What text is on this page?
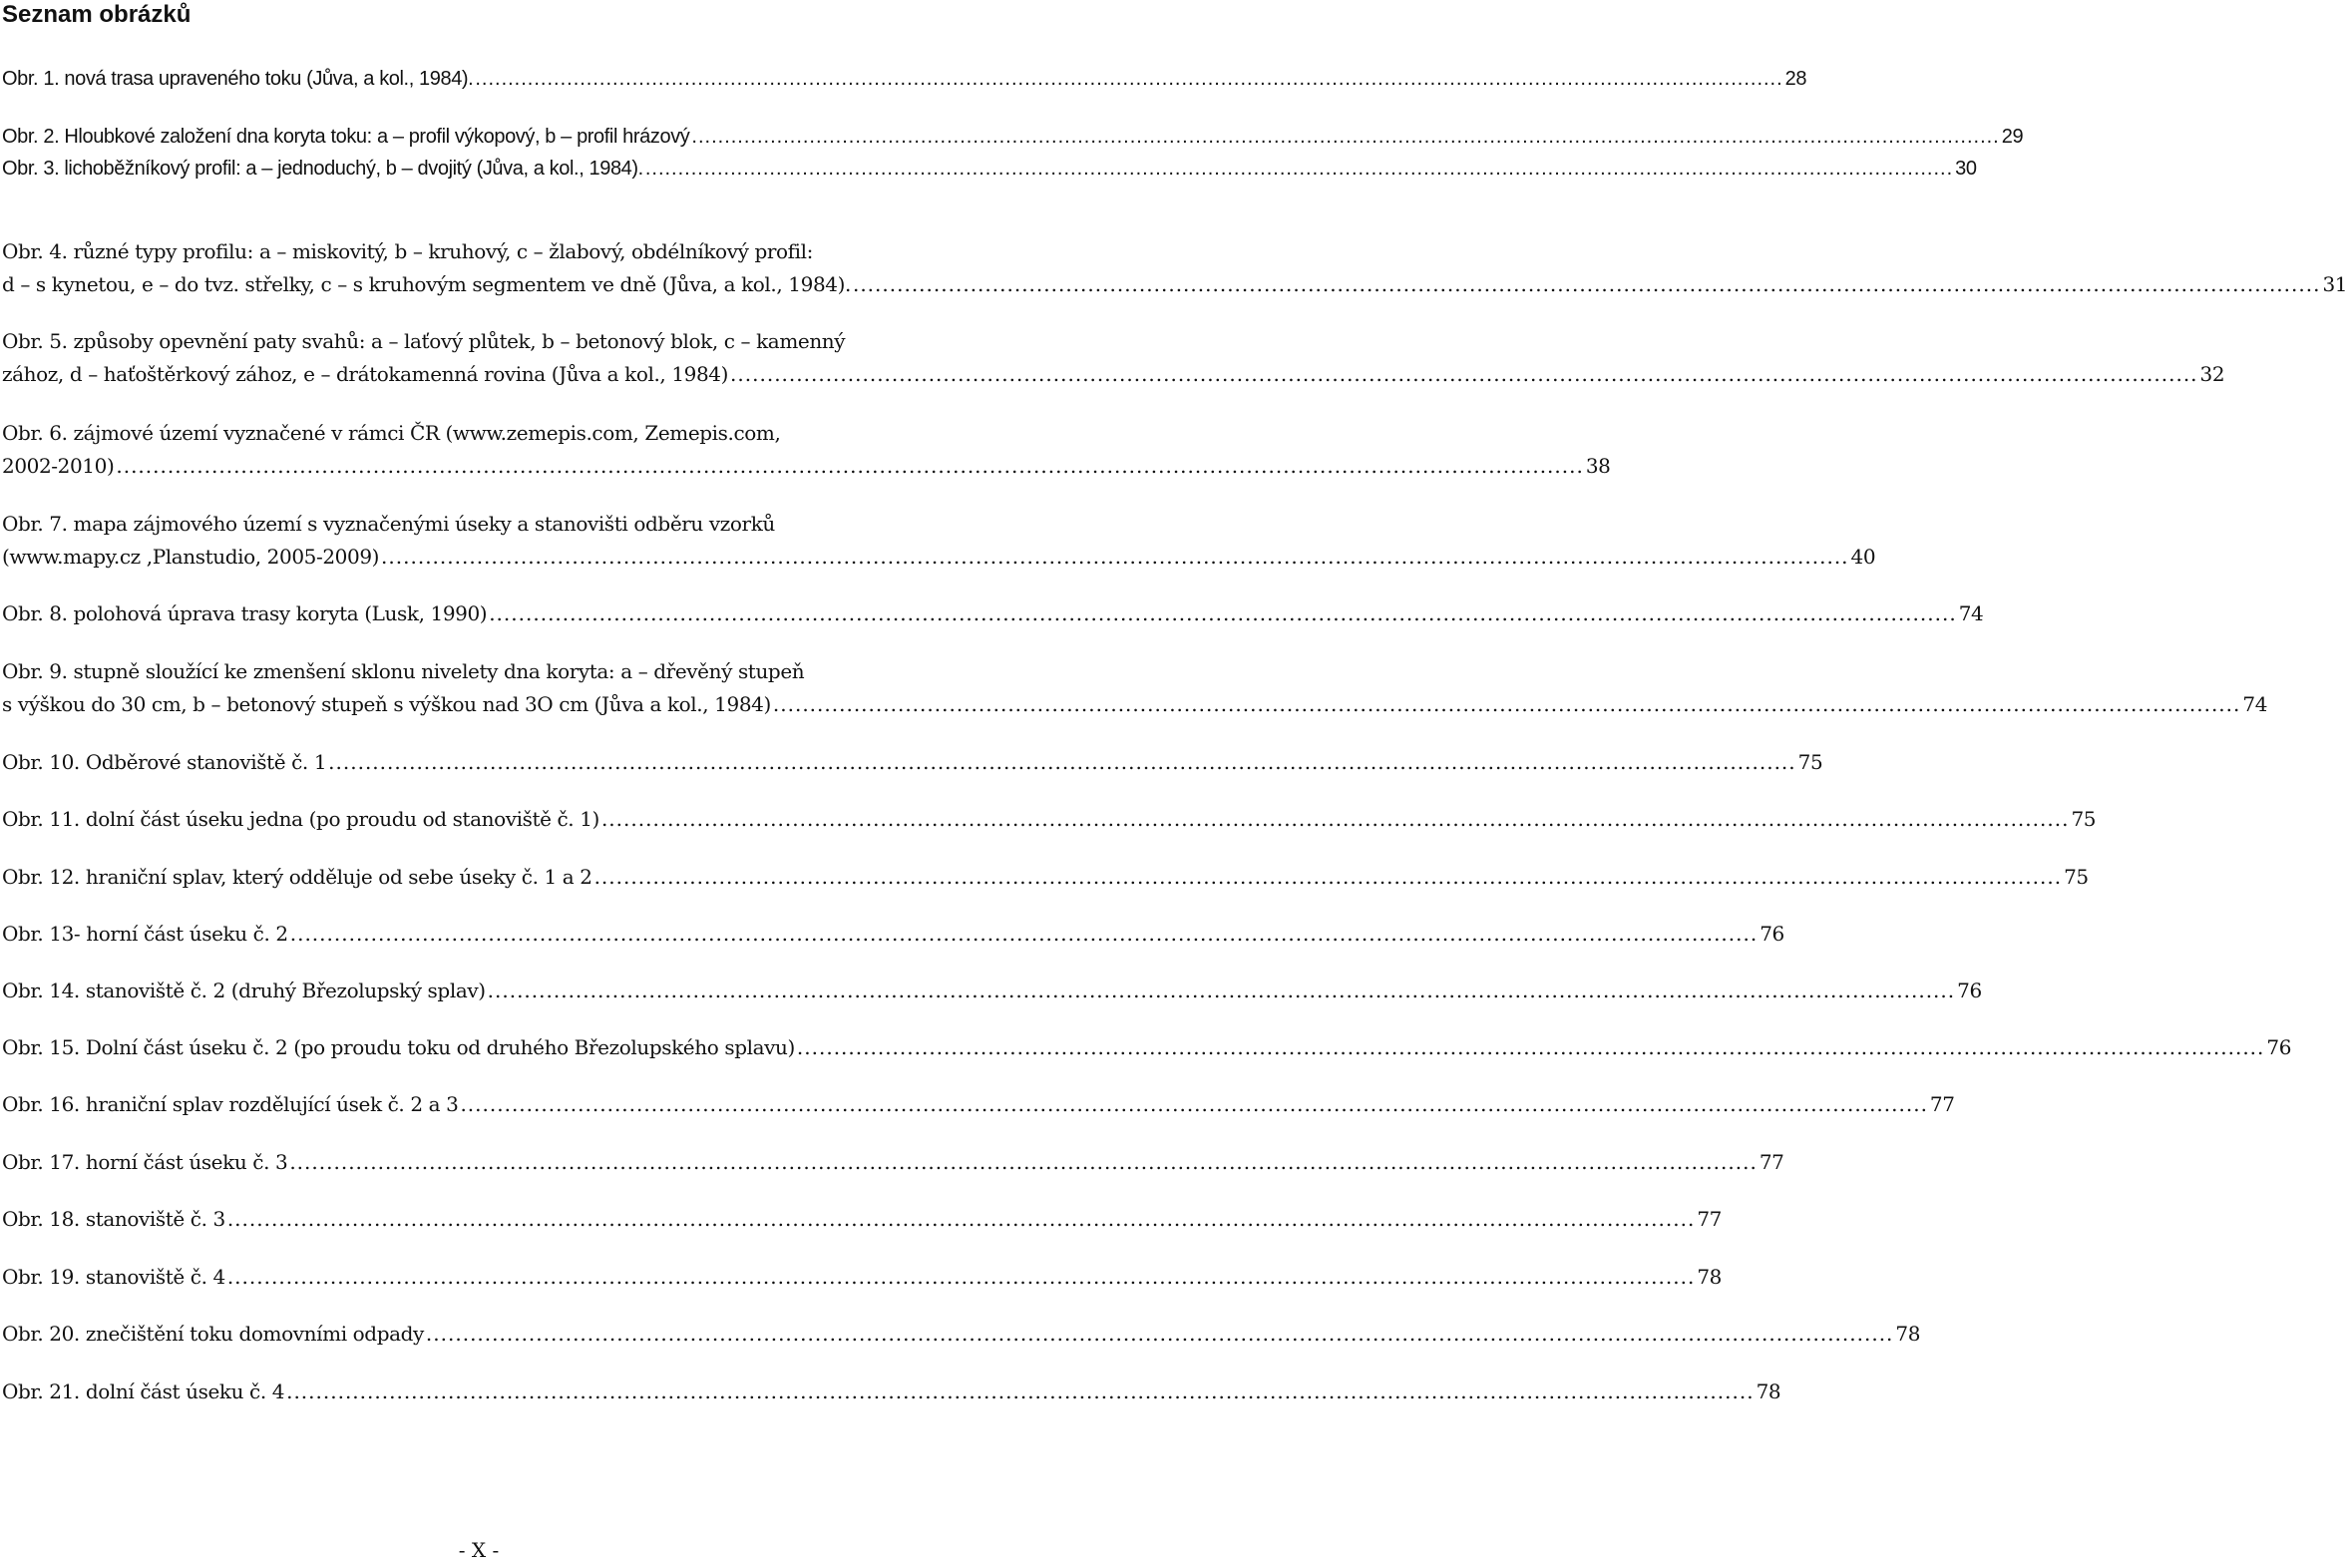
Seznam obrázků
Obr. 1. nová trasa upraveného toku (Jůva, a kol., 1984). ........................................................................................................................................................................................................ 28
Obr. 2. Hloubkové založení dna koryta toku: a – profil výkopový, b – profil hrázový ........................................................................................................................................................................................................ 29
Obr. 3. lichoběžníkový profil: a – jednoduchý, b – dvojitý (Jůva, a kol., 1984). ........................................................................................................................................................................................................ 30
Obr. 4. různé typy profilu: a – miskovitý, b – kruhový, c – žlabový, obdélníkový profil:
d – s kynetou, e – do tvz. střelky, c – s kruhovým segmentem ve dně (Jůva, a kol., 1984). ........................................................................................................................................................................................................ 31
Obr. 5. způsoby opevnění paty svahů: a – laťový plůtek, b – betonový blok, c – kamenný
zához, d – haťoštěrkový zához, e – drátokamenná rovina (Jůva a kol., 1984) ........................................................................................................................................................................................................ 32
Obr. 6. zájmové území vyznačené v rámci ČR (www.zemepis.com, Zemepis.com,
2002-2010) ........................................................................................................................................................................................................ 38
Obr. 7. mapa zájmového území s vyznačenými úseky a stanovišti odběru vzorků
(www.mapy.cz ,Planstudio, 2005-2009) ........................................................................................................................................................................................................ 40
Obr. 8. polohová úprava trasy koryta (Lusk, 1990) ........................................................................................................................................................................................................ 74
Obr. 9. stupně sloužící ke zmenšení sklonu nivelety dna koryta: a – dřevěný stupeň
s výškou do 30 cm, b – betonový stupeň s výškou nad 3O cm (Jůva a kol., 1984) ........................................................................................................................................................................................................ 74
Obr. 10. Odběrové stanoviště č. 1 ........................................................................................................................................................................................................ 75
Obr. 11. dolní část úseku jedna (po proudu od stanoviště č. 1) ........................................................................................................................................................................................................ 75
Obr. 12. hraniční splav, který odděluje od sebe úseky č. 1 a 2 ........................................................................................................................................................................................................ 75
Obr. 13- horní část úseku č. 2 ........................................................................................................................................................................................................ 76
Obr. 14. stanoviště č. 2 (druhý Březolupský splav) ........................................................................................................................................................................................................ 76
Obr. 15. Dolní část úseku č. 2 (po proudu toku od druhého Březolupského splavu) ........................................................................................................................................................................................................ 76
Obr. 16. hraniční splav rozdělující úsek č. 2 a 3 ........................................................................................................................................................................................................ 77
Obr. 17. horní část úseku č. 3 ........................................................................................................................................................................................................ 77
Obr. 18. stanoviště č. 3 ........................................................................................................................................................................................................ 77
Obr. 19. stanoviště č. 4 ........................................................................................................................................................................................................ 78
Obr. 20. znečištění toku domovními odpady ........................................................................................................................................................................................................ 78
Obr. 21. dolní část úseku č. 4 ........................................................................................................................................................................................................ 78
- X -
